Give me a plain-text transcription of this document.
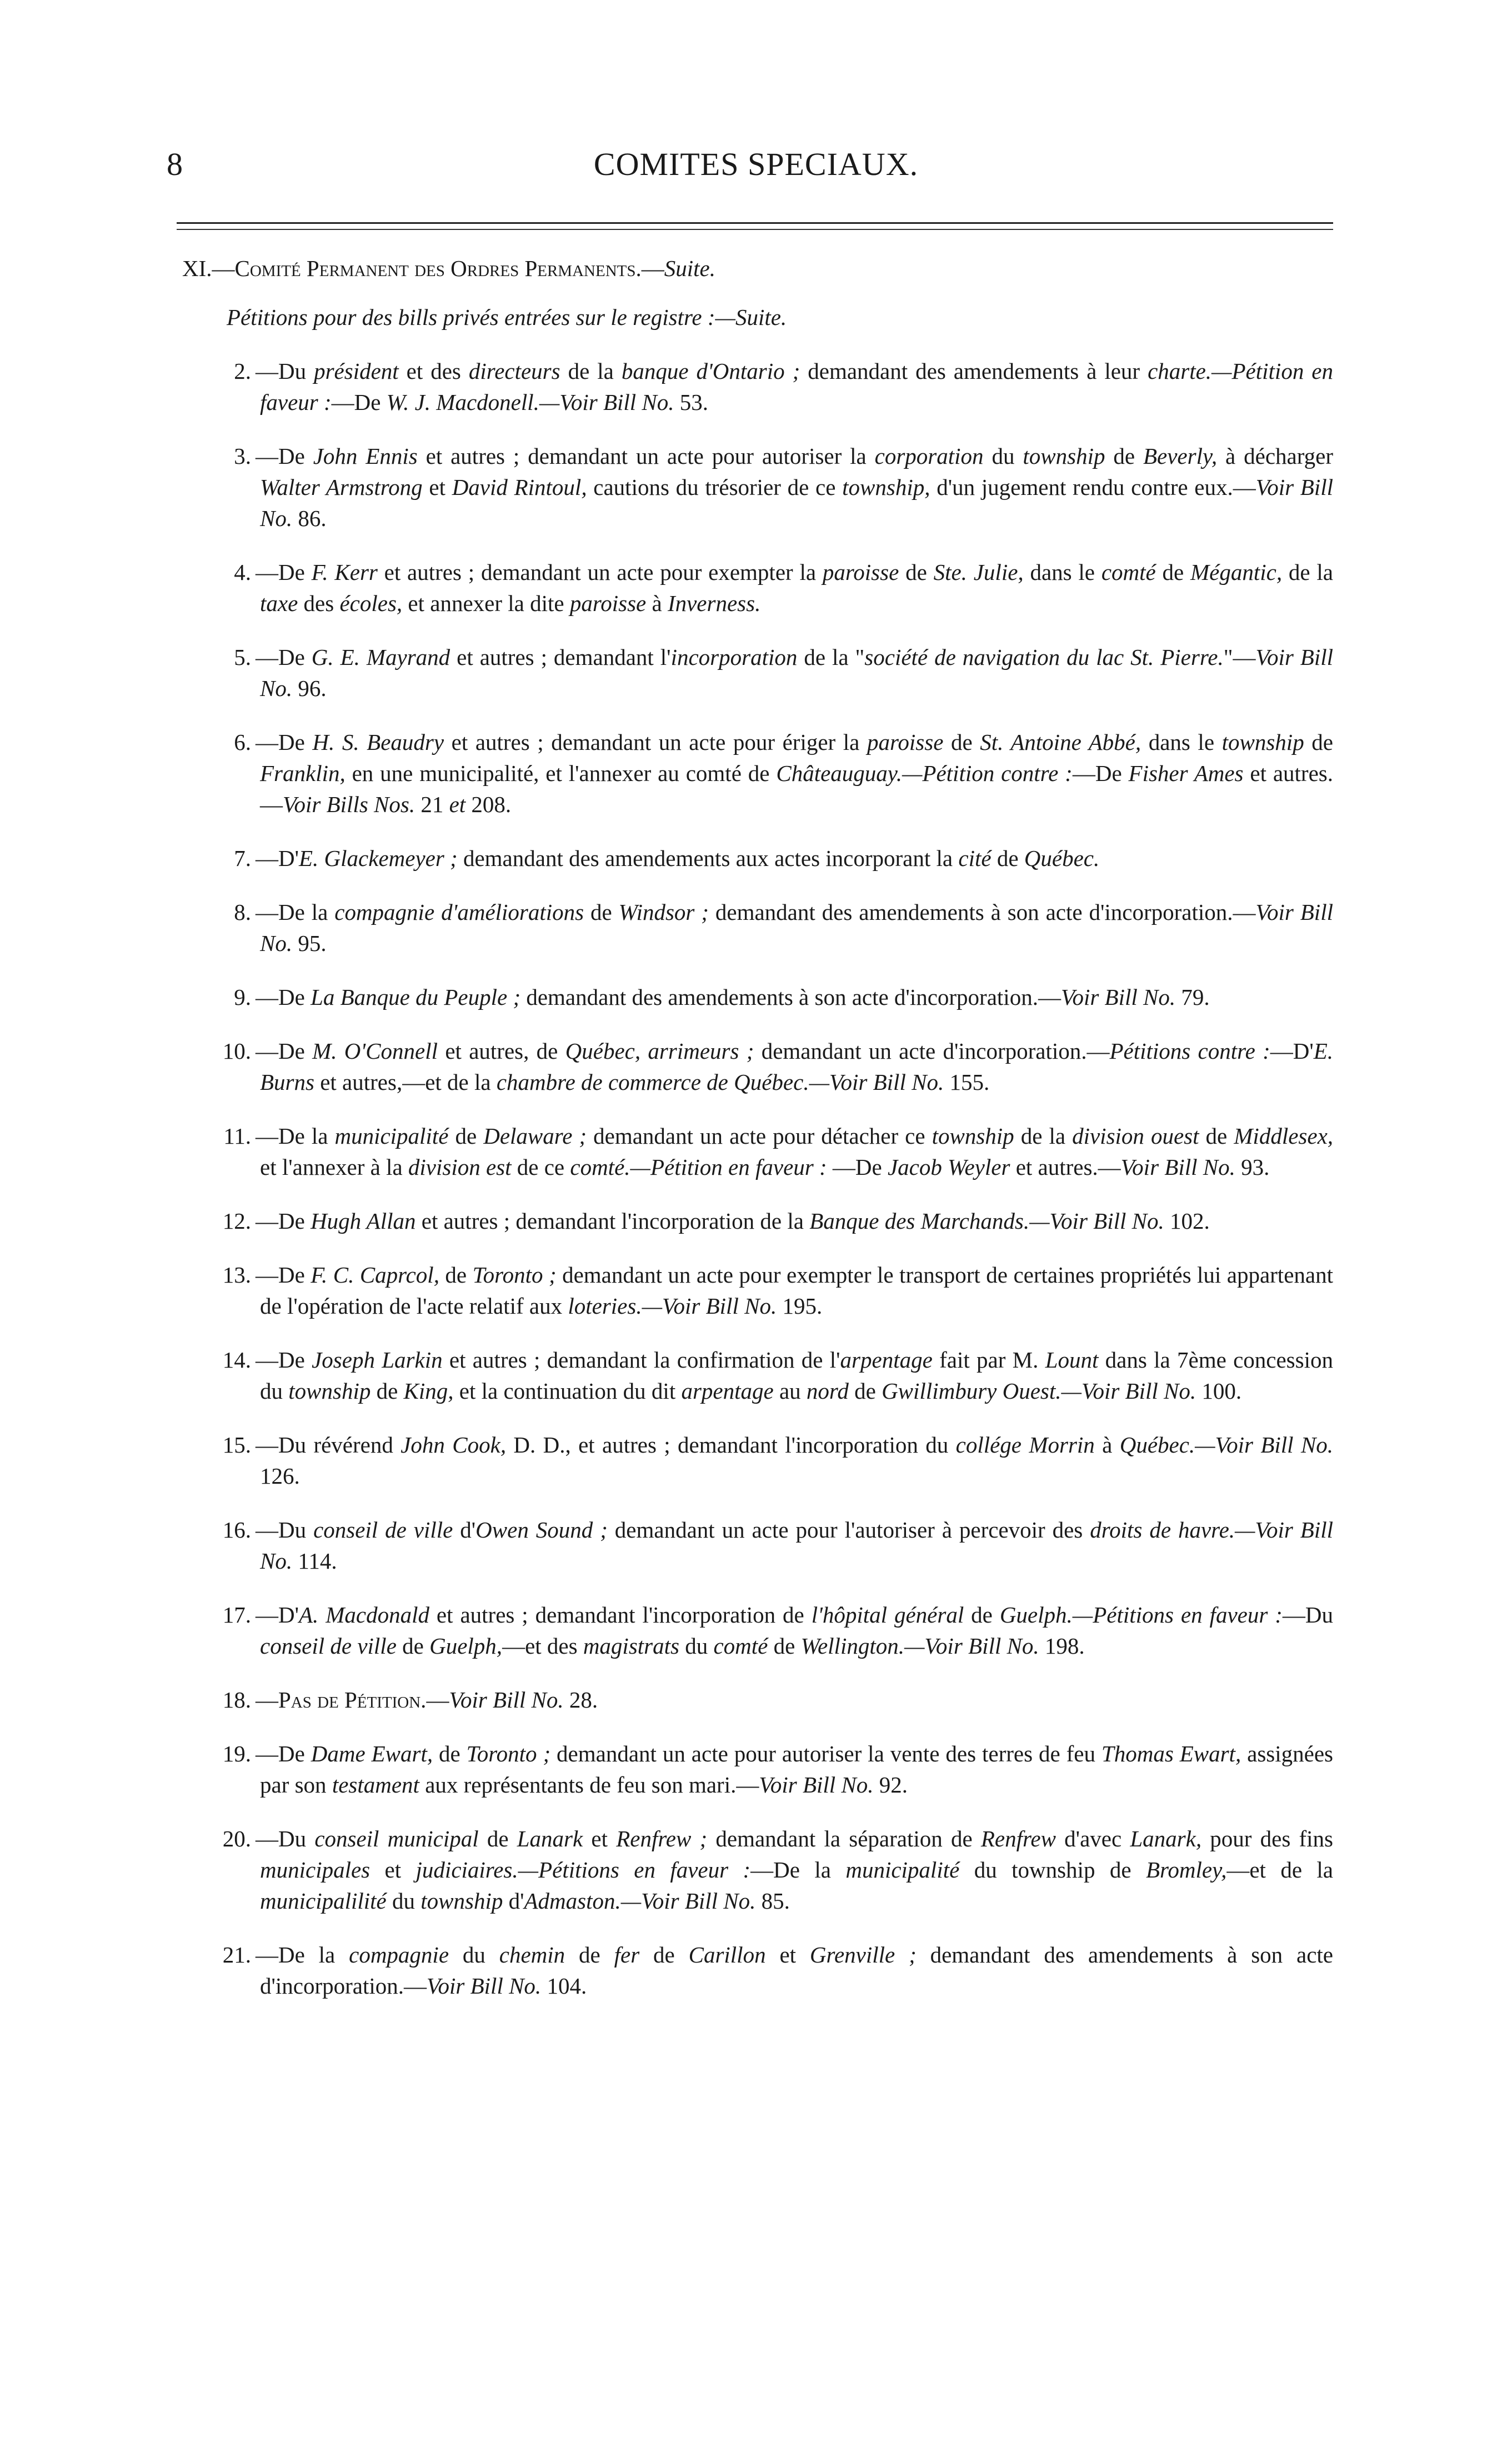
8	COMITES SPECIAUX.
XI.—Comité Permanent des Ordres Permanents.—Suite.
Pétitions pour des bills privés entrées sur le registre :—Suite.

2. —Du président et des directeurs de la banque d'Ontario ; demandant des amendements à leur charte.—Pétition en faveur :—De W. J. Macdonell.—Voir Bill No. 53.

3. —De John Ennis et autres ; demandant un acte pour autoriser la corporation du township de Beverly, à décharger Walter Armstrong et David Rintoul, cautions du trésorier de ce township, d'un jugement rendu contre eux.—Voir Bill No. 86.

4. —De F. Kerr et autres ; demandant un acte pour exempter la paroisse de Ste. Julie, dans le comté de Mégantic, de la taxe des écoles, et annexer la dite paroisse à Inverness.

5. —De G. E. Mayrand et autres ; demandant l'incorporation de la "société de navigation du lac St. Pierre."—Voir Bill No. 96.

6. —De H. S. Beaudry et autres ; demandant un acte pour ériger la paroisse de St. Antoine Abbé, dans le township de Franklin, en une municipalité, et l'annexer au comté de Châteauguay.—Pétition contre :—De Fisher Ames et autres.—Voir Bills Nos. 21 et 208.

7. —D'E. Glackemeyer ; demandant des amendements aux actes incorporant la cité de Québec.

8. —De la compagnie d'améliorations de Windsor ; demandant des amendements à son acte d'incorporation.—Voir Bill No. 95.

9. —De La Banque du Peuple ; demandant des amendements à son acte d'incorporation.—Voir Bill No. 79.

10. —De M. O'Connell et autres, de Québec, arrimeurs ; demandant un acte d'incorporation.—Pétitions contre :—D'E. Burns et autres,—et de la chambre de commerce de Québec.—Voir Bill No. 155.

11. —De la municipalité de Delaware ; demandant un acte pour détacher ce township de la division ouest de Middlesex, et l'annexer à la division est de ce comté.—Pétition en faveur : —De Jacob Weyler et autres.—Voir Bill No. 93.

12. —De Hugh Allan et autres ; demandant l'incorporation de la Banque des Marchands.—Voir Bill No. 102.

13. —De F. C. Caprcol, de Toronto ; demandant un acte pour exempter le transport de certaines propriétés lui appartenant de l'opération de l'acte relatif aux loteries.—Voir Bill No. 195.

14. —De Joseph Larkin et autres ; demandant la confirmation de l'arpentage fait par M. Lount dans la 7ème concession du township de King, et la continuation du dit arpentage au nord de Gwillimbury Ouest.—Voir Bill No. 100.

15. —Du révérend John Cook, D. D., et autres ; demandant l'incorporation du collége Morrin à Québec.—Voir Bill No. 126.

16. —Du conseil de ville d'Owen Sound ; demandant un acte pour l'autoriser à percevoir des droits de havre.—Voir Bill No. 114.

17. —D'A. Macdonald et autres ; demandant l'incorporation de l'hôpital général de Guelph.—Pétitions en faveur :—Du conseil de ville de Guelph,—et des magistrats du comté de Wellington.—Voir Bill No. 198.

18. —Pas de Pétition.—Voir Bill No. 28.

19. —De Dame Ewart, de Toronto ; demandant un acte pour autoriser la vente des terres de feu Thomas Ewart, assignées par son testament aux représentants de feu son mari.—Voir Bill No. 92.

20. —Du conseil municipal de Lanark et Renfrew ; demandant la séparation de Renfrew d'avec Lanark, pour des fins municipales et judiciaires.—Pétitions en faveur :—De la municipalité du township de Bromley,—et de la municipalilité du township d'Admaston.—Voir Bill No. 85.

21. —De la compagnie du chemin de fer de Carillon et Grenville ; demandant des amendements à son acte d'incorporation.—Voir Bill No. 104.
